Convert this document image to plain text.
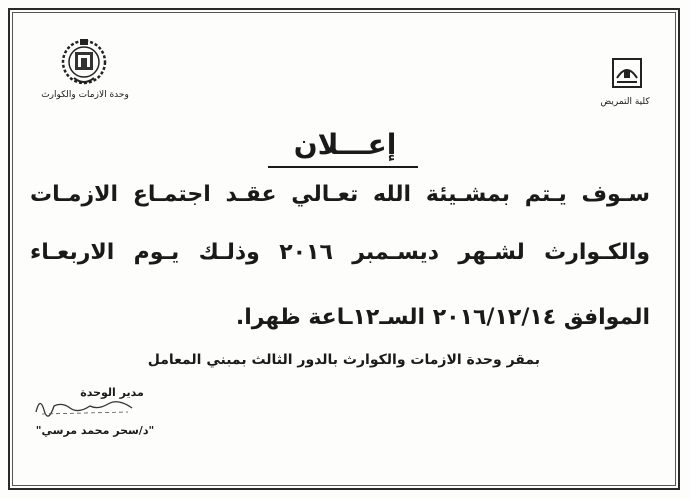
وحدة الازمات والكوارث
كلية التمريض
إعـــلان
سـوف يـتم بمشـيئة الله تعـالي عقـد اجتمـاع الازمـات
والكـوارث لشـهر ديسـمبر ٢٠١٦ وذلـك يـوم الاربعـاء
الموافق ٢٠١٦/١٢/١٤ السـ١٢ـاعة ظهرا.
بمقر وحدة الازمات والكوارث بالدور الثالث بمبني المعامل
مدير الوحدة
"د/سحر محمد مرسي"
